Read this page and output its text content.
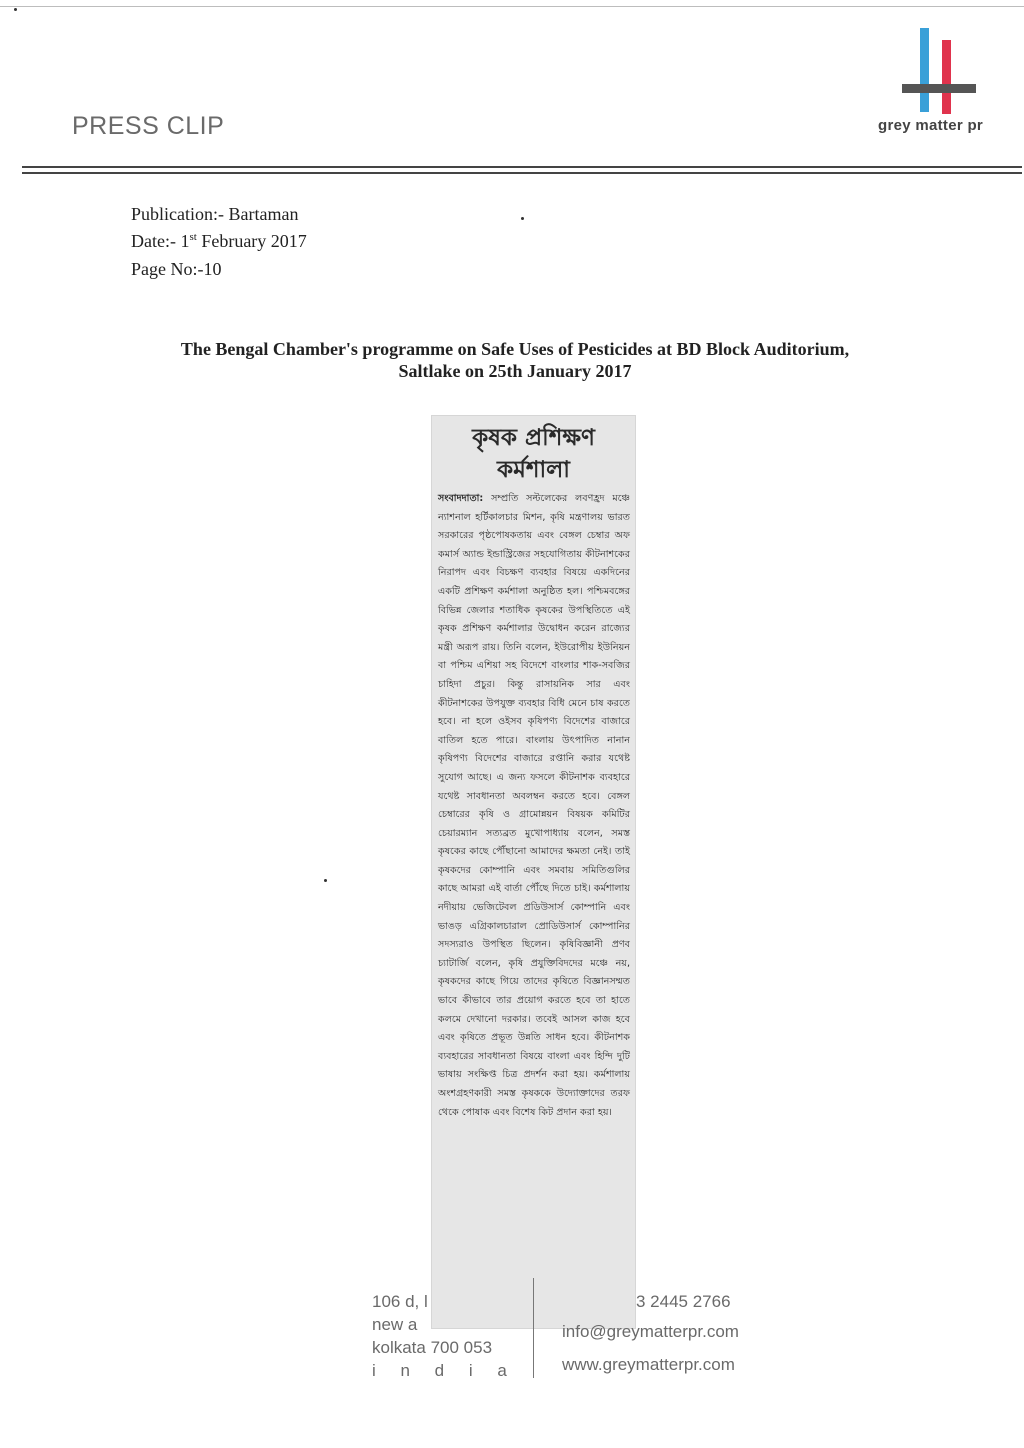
PRESS CLIP	grey matter pr
Publication:- Bartaman
Date:- 1st February 2017
Page No:-10
The Bengal Chamber's programme on Safe Uses of Pesticides at BD Block Auditorium,
Saltlake on 25th January 2017
কৃষক প্রশিক্ষণ
কর্মশালা
সংবাদদাতা: সম্প্রতি সল্টলেকের লবণহ্রদ মঞ্চে ন্যাশনাল হর্টিকালচার মিশন, কৃষি মন্ত্রণালয় ভারত সরকারের পৃষ্ঠপোষকতায় এবং বেঙ্গল চেম্বার অফ কমার্স অ্যান্ড ইন্ডাস্ট্রিজের সহযোগিতায় কীটনাশকের নিরাপদ এবং বিচক্ষণ ব্যবহার বিষয়ে একদিনের একটি প্রশিক্ষণ কর্মশালা অনুষ্ঠিত হল। পশ্চিমবঙ্গের বিভিন্ন জেলার শতাধিক কৃষকের উপস্থিতিতে এই কৃষক প্রশিক্ষণ কর্মশালার উদ্বোধন করেন রাজ্যের মন্ত্রী অরূপ রায়। তিনি বলেন, ইউরোপীয় ইউনিয়ন বা পশ্চিম এশিয়া সহ বিদেশে বাংলার শাক-সবজির চাহিদা প্রচুর। কিন্তু রাসায়নিক সার এবং কীটনাশকের উপযুক্ত ব্যবহার বিধি মেনে চাষ করতে হবে। না হলে ওইসব কৃষিপণ্য বিদেশের বাজারে বাতিল হতে পারে। বাংলায় উৎপাদিত নানান কৃষিপণ্য বিদেশের বাজারে রপ্তানি করার যথেষ্ট সুযোগ আছে। এ জন্য ফসলে কীটনাশক ব্যবহারে যথেষ্ট সাবধানতা অবলম্বন করতে হবে। বেঙ্গল চেম্বারের কৃষি ও গ্রামোন্নয়ন বিষয়ক কমিটির চেয়ারম্যান সত্যব্রত মুখোপাধ্যায় বলেন, সমস্ত কৃষকের কাছে পৌঁছানো আমাদের ক্ষমতা নেই। তাই কৃষকদের কোম্পানি এবং সমবায় সমিতিগুলির কাছে আমরা এই বার্তা পৌঁছে দিতে চাই। কর্মশালায় নদীয়ায় ভেজিটেবল প্রডিউসার্স কোম্পানি এবং ভাঙড় এগ্রিকালচারাল প্রোডিউসার্স কোম্পানির সদস্যরাও উপস্থিত ছিলেন। কৃষিবিজ্ঞানী প্রণব চ্যাটার্জি বলেন, কৃষি প্রযুক্তিবিদদের মঞ্চে নয়, কৃষকদের কাছে গিয়ে তাদের কৃষিতে বিজ্ঞানসম্মত ভাবে কীভাবে তার প্রয়োগ করতে হবে তা হাতে কলমে দেখানো দরকার। তবেই আসল কাজ হবে এবং কৃষিতে প্রভূত উন্নতি সাধন হবে। কীটনাশক ব্যবহারের সাবধানতা বিষয়ে বাংলা এবং হিন্দি দুটি ভাষায় সংক্ষিপ্ত চিত্র প্রদর্শন করা হয়। কর্মশালায় অংশগ্রহণকারী সমস্ত কৃষককে উদ্যোক্তাদের তরফ থেকে পোষাক এবং বিশেষ কিট প্রদান করা হয়।
106 d, l
new a
kolkata 700 053
i n d i a
3 2445 2766
info@greymatterpr.com
www.greymatterpr.com
